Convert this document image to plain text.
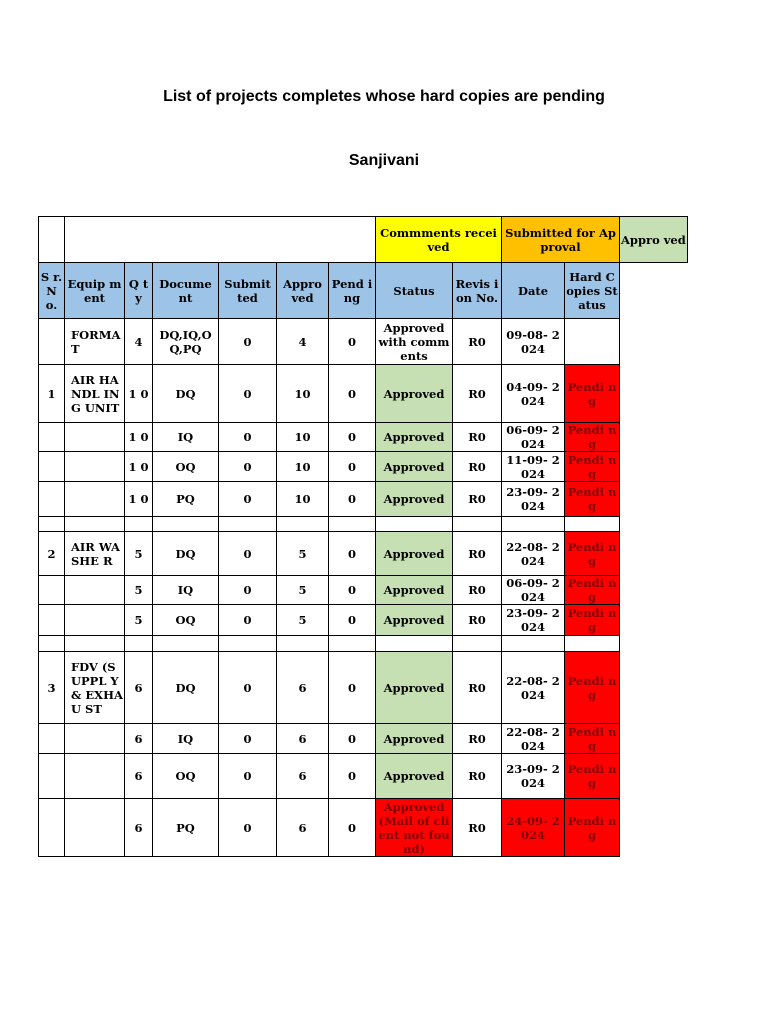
List of projects completes whose hard copies are pending
Sanjivani
							Commments received		Submitted for Approval		Appro ved
S r. N o.	Equip ment	Q ty	Docume nt	Submit ted	Appro ved	Pend ing	Status	Revis ion No.	Date	Hard Copies Status	
	FORMA T	4	DQ,IQ,O Q,PQ	0	4	0	Approved with comments	R0	09-08- 2024		
1	AIR HANDL ING UNIT	1 0	DQ	0	10	0	Approved	R0	04-09- 2024	Pendi ng	
		1 0	IQ	0	10	0	Approved	R0	06-09- 2024	Pendi ng	
		1 0	OQ	0	10	0	Approved	R0	11-09- 2024	Pendi ng	
		1 0	PQ	0	10	0	Approved	R0	23-09- 2024	Pendi ng	

2	AIR WASHE R	5	DQ	0	5	0	Approved	R0	22-08- 2024	Pendi ng	
		5	IQ	0	5	0	Approved	R0	06-09- 2024	Pendi ng	
		5	OQ	0	5	0	Approved	R0	23-09- 2024	Pendi ng	

3	FDV (SUPPL Y & EXHAU ST	6	DQ	0	6	0	Approved	R0	22-08- 2024	Pendi ng	
		6	IQ	0	6	0	Approved	R0	22-08- 2024	Pendi ng	
		6	OQ	0	6	0	Approved	R0	23-09- 2024	Pendi ng	
		6	PQ	0	6	0	Approved (Mail of client not found)	R0	24-09- 2024	Pendi ng	
